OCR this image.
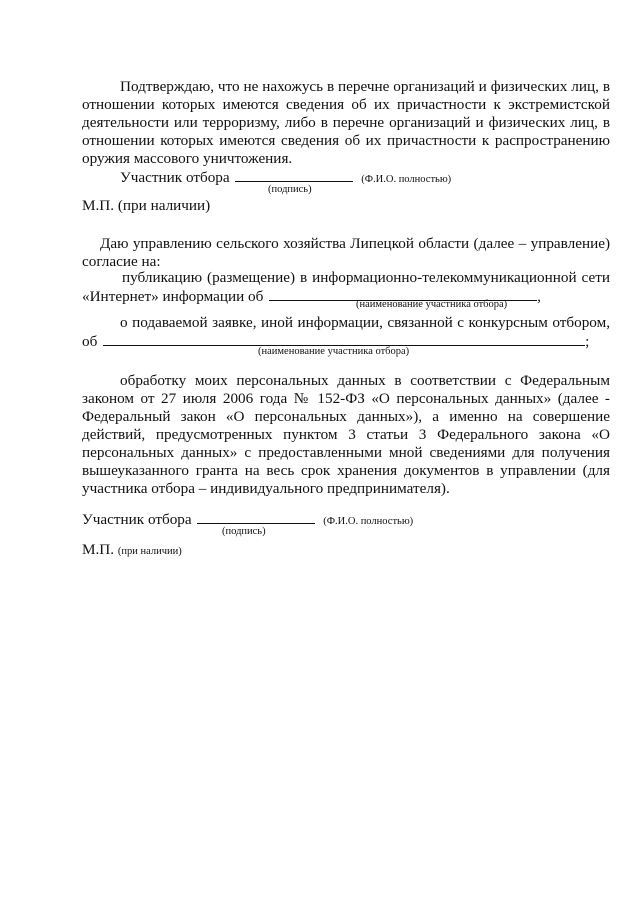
Подтверждаю, что не нахожусь в перечне организаций и физических лиц, в
отношении которых имеются сведения об их причастности к экстремистской
деятельности или терроризму, либо в перечне организаций и физических лиц, в
отношении которых имеются сведения об их причастности к распространению
оружия массового уничтожения.
Участник отбора	(Ф.И.О. полностью)
(подпись)
М.П. (при наличии)
Даю управлению сельского хозяйства Липецкой области (далее – управление)
согласие на:
публикацию (размещение) в информационно-телекоммуникационной сети
«Интернет» информации об	,
(наименование участника отбора)
о подаваемой заявке, иной информации, связанной с конкурсным отбором,
об	;
(наименование участника отбора)
обработку моих персональных данных в соответствии с Федеральным
законом от 27 июля 2006 года № 152-ФЗ «О персональных данных» (далее -
Федеральный закон «О персональных данных»), а именно на совершение
действий, предусмотренных пунктом 3 статьи 3 Федерального закона «О
персональных данных» с предоставленными мной сведениями для получения
вышеуказанного гранта на весь срок хранения документов в управлении (для
участника отбора – индивидуального предпринимателя).
Участник отбора	(Ф.И.О. полностью)
(подпись)
М.П. (при наличии)
